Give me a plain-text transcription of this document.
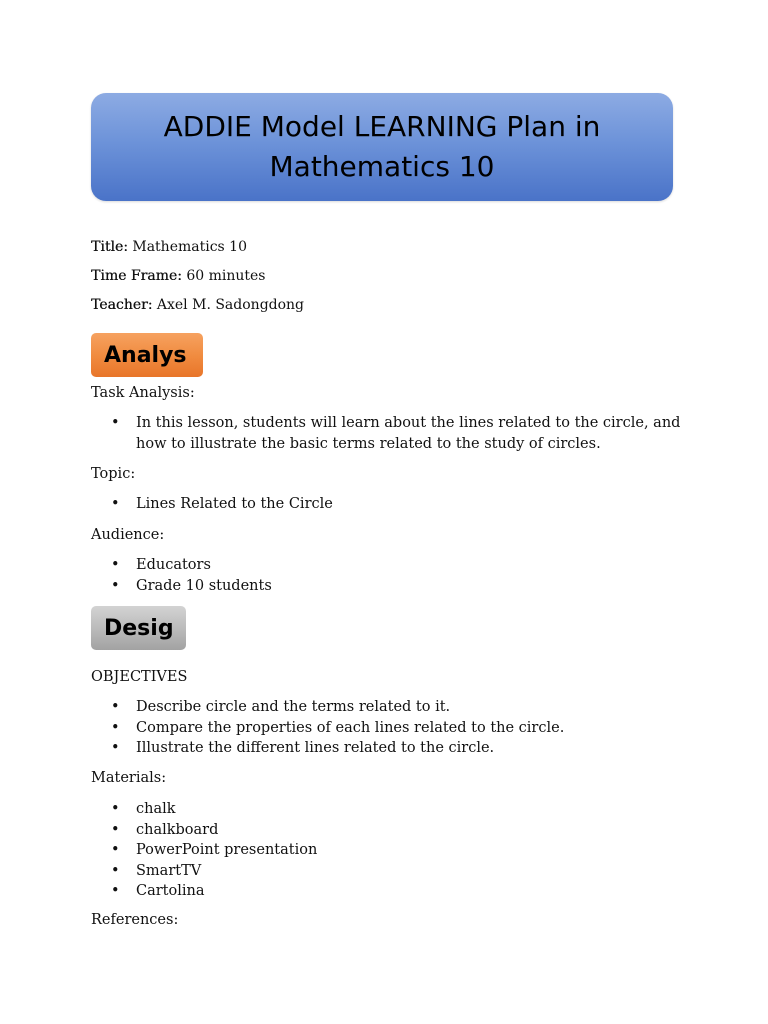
ADDIE Model LEARNING Plan in Mathematics 10
Title: Mathematics 10
Time Frame: 60 minutes
Teacher: Axel M. Sadongdong
Analys
Task Analysis:
• In this lesson, students will learn about the lines related to the circle, and how to illustrate the basic terms related to the study of circles.
Topic:
• Lines Related to the Circle
Audience:
• Educators
• Grade 10 students
Desig
OBJECTIVES
• Describe circle and the terms related to it.
• Compare the properties of each lines related to the circle.
• Illustrate the different lines related to the circle.
Materials:
• chalk
• chalkboard
• PowerPoint presentation
• SmartTV
• Cartolina
References:
